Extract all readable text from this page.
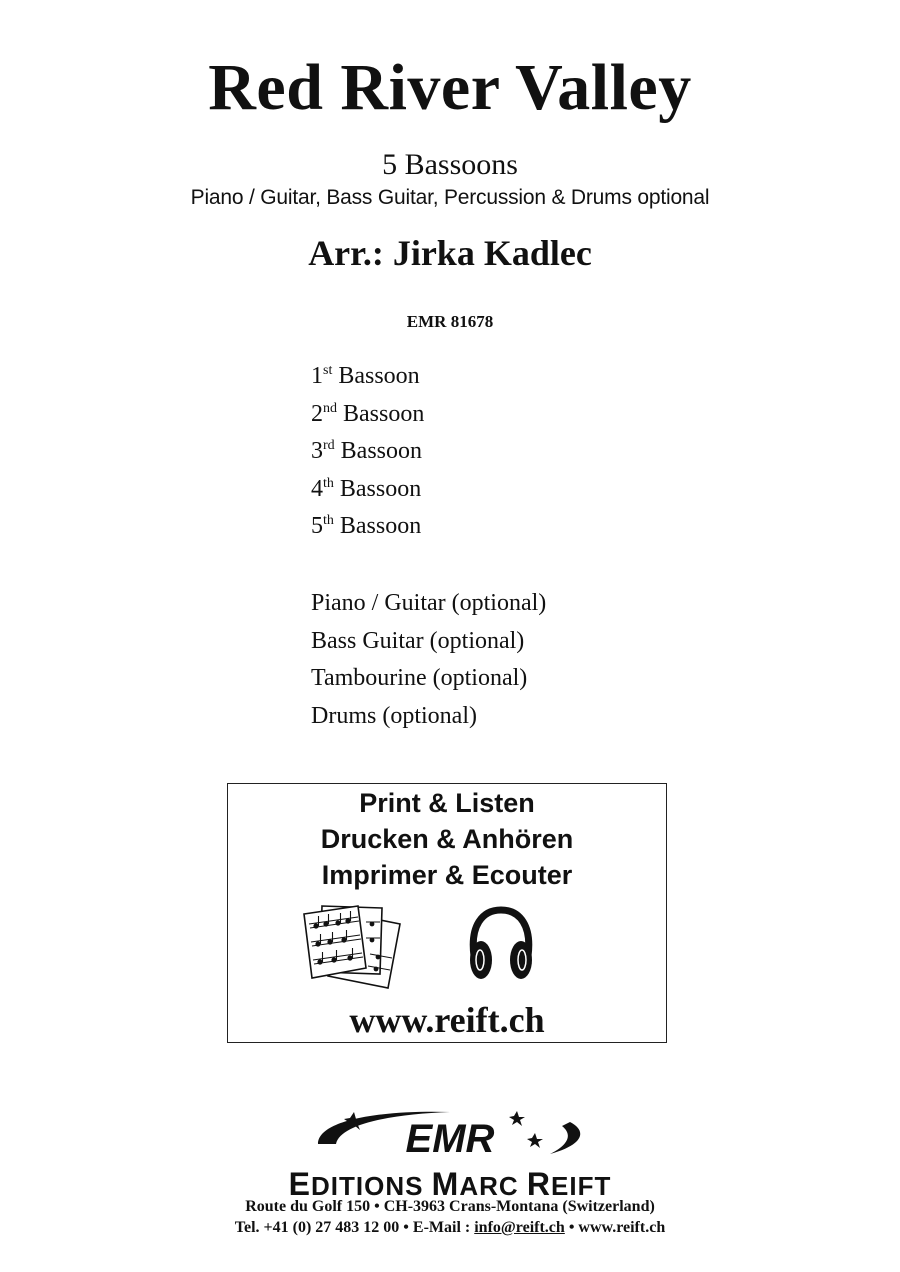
Red River Valley
5 Bassoons
Piano / Guitar, Bass Guitar, Percussion & Drums optional
Arr.: Jirka Kadlec
EMR 81678
1st Bassoon
2nd Bassoon
3rd Bassoon
4th Bassoon
5th Bassoon
Piano / Guitar (optional)
Bass Guitar (optional)
Tambourine (optional)
Drums (optional)
Print & Listen
Drucken & Anhören
Imprimer & Ecouter
www.reift.ch
EMR
EDITIONS MARC REIFT
Route du Golf 150 • CH-3963 Crans-Montana (Switzerland)
Tel. +41 (0) 27 483 12 00 • E-Mail : info@reift.ch • www.reift.ch
